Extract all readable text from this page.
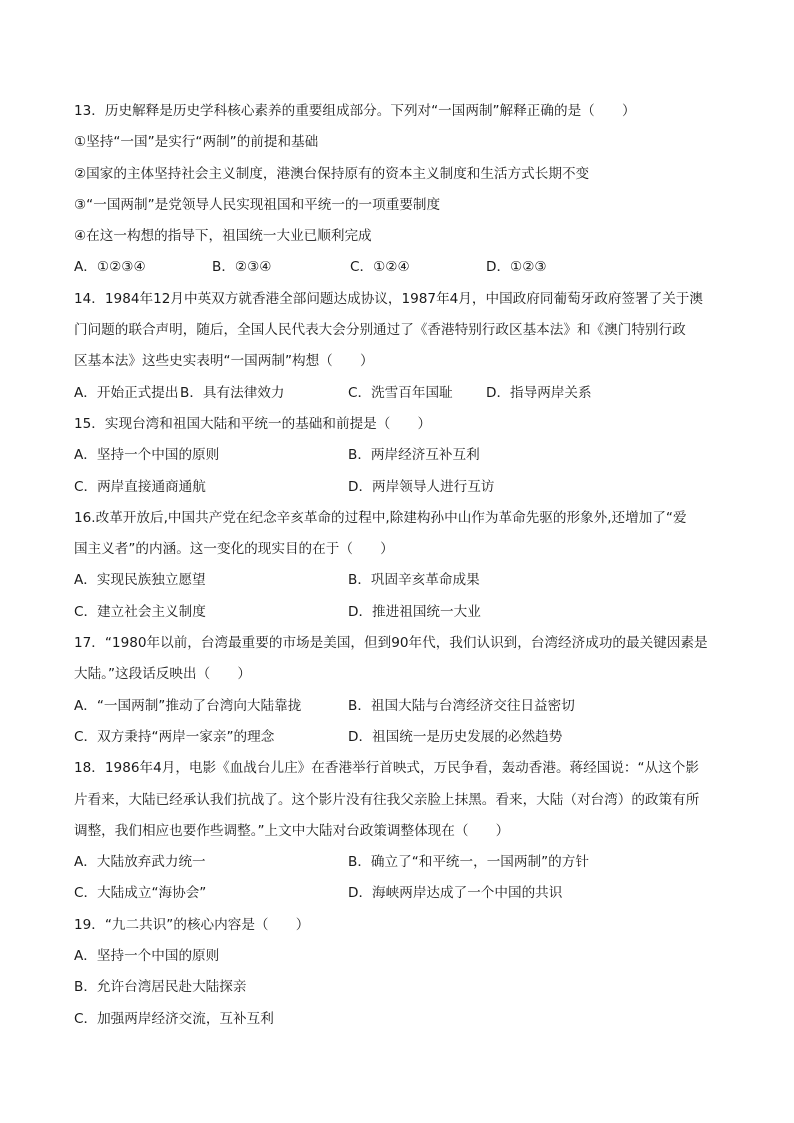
13．历史解释是历史学科核心素养的重要组成部分。下列对“一国两制”解释正确的是（　　）
①坚持“一国”是实行“两制”的前提和基础
②国家的主体坚持社会主义制度，港澳台保持原有的资本主义制度和生活方式长期不变
③“一国两制”是党领导人民实现祖国和平统一的一项重要制度
④在这一构想的指导下，祖国统一大业已顺利完成
A．①②③④	B．②③④	C．①②④	D．①②③
14．1984年12月中英双方就香港全部问题达成协议，1987年4月，中国政府同葡萄牙政府签署了关于澳
门问题的联合声明，随后，全国人民代表大会分别通过了《香港特别行政区基本法》和《澳门特别行政
区基本法》这些史实表明“一国两制”构想（　　）
A．开始正式提出 B．具有法律效力	C．洗雪百年国耻 D．指导两岸关系
15．实现台湾和祖国大陆和平统一的基础和前提是（　　）
A．坚持一个中国的原则	B．两岸经济互补互利
C．两岸直接通商通航	D．两岸领导人进行互访
16.改革开放后,中国共产党在纪念辛亥革命的过程中,除建构孙中山作为革命先驱的形象外,还增加了“爱
国主义者”的内涵。这一变化的现实目的在于（　　）
A．实现民族独立愿望	B．巩固辛亥革命成果
C．建立社会主义制度	D．推进祖国统一大业
17．“1980年以前，台湾最重要的市场是美国，但到90年代，我们认识到，台湾经济成功的最关键因素是
大陆。”这段话反映出（　　）
A．“一国两制”推动了台湾向大陆靠拢	B．祖国大陆与台湾经济交往日益密切
C．双方秉持“两岸一家亲”的理念	D．祖国统一是历史发展的必然趋势
18．1986年4月，电影《血战台儿庄》在香港举行首映式，万民争看，轰动香港。蒋经国说：“从这个影
片看来，大陆已经承认我们抗战了。这个影片没有往我父亲脸上抹黑。看来，大陆（对台湾）的政策有所
调整，我们相应也要作些调整。”上文中大陆对台政策调整体现在（　　）
A．大陆放弃武力统一	B．确立了“和平统一，一国两制”的方针
C．大陆成立“海协会”	D．海峡两岸达成了一个中国的共识
19．“九二共识”的核心内容是（　　）
A．坚持一个中国的原则
B．允许台湾居民赴大陆探亲
C．加强两岸经济交流，互补互利
